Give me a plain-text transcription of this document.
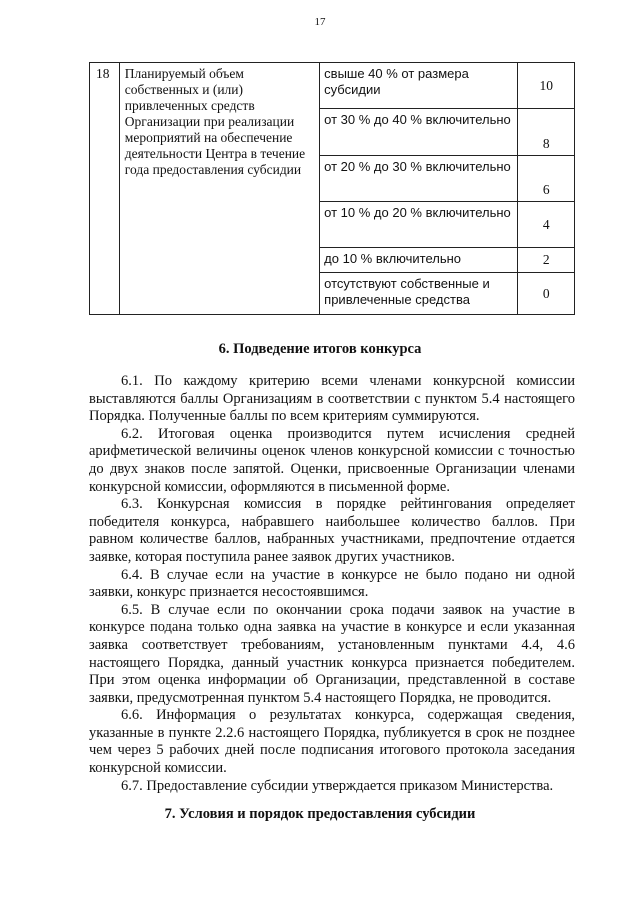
17
18	Планируемый объем собственных и (или) привлеченных средств Организации при реализации мероприятий на обеспечение деятельности Центра в течение года предоставления субсидии	свыше 40 % от размера субсидии	10
		от 30 % до 40 % включительно	8
		от 20 % до 30 % включительно	6
		от 10 % до 20 % включительно	4
		до 10 % включительно	2
		отсутствуют собственные и привлеченные средства	0
6. Подведение итогов конкурса

6.1. По каждому критерию всеми членами конкурсной комиссии выставляются баллы Организациям в соответствии с пунктом 5.4 настоящего Порядка. Полученные баллы по всем критериям суммируются.

6.2. Итоговая оценка производится путем исчисления средней арифметической величины оценок членов конкурсной комиссии с точностью до двух знаков после запятой. Оценки, присвоенные Организации членами конкурсной комиссии, оформляются в письменной форме.

6.3. Конкурсная комиссия в порядке рейтингования определяет победителя конкурса, набравшего наибольшее количество баллов. При равном количестве баллов, набранных участниками, предпочтение отдается заявке, которая поступила ранее заявок других участников.

6.4. В случае если на участие в конкурсе не было подано ни одной заявки, конкурс признается несостоявшимся.

6.5. В случае если по окончании срока подачи заявок на участие в конкурсе подана только одна заявка на участие в конкурсе и если указанная заявка соответствует требованиям, установленным пунктами 4.4, 4.6 настоящего Порядка, данный участник конкурса признается победителем. При этом оценка информации об Организации, представленной в составе заявки, предусмотренная пунктом 5.4 настоящего Порядка, не проводится.

6.6. Информация о результатах конкурса, содержащая сведения, указанные в пункте 2.2.6 настоящего Порядка, публикуется в срок не позднее чем через 5 рабочих дней после подписания итогового протокола заседания конкурсной комиссии.

6.7. Предоставление субсидии утверждается приказом Министерства.

7. Условия и порядок предоставления субсидии
